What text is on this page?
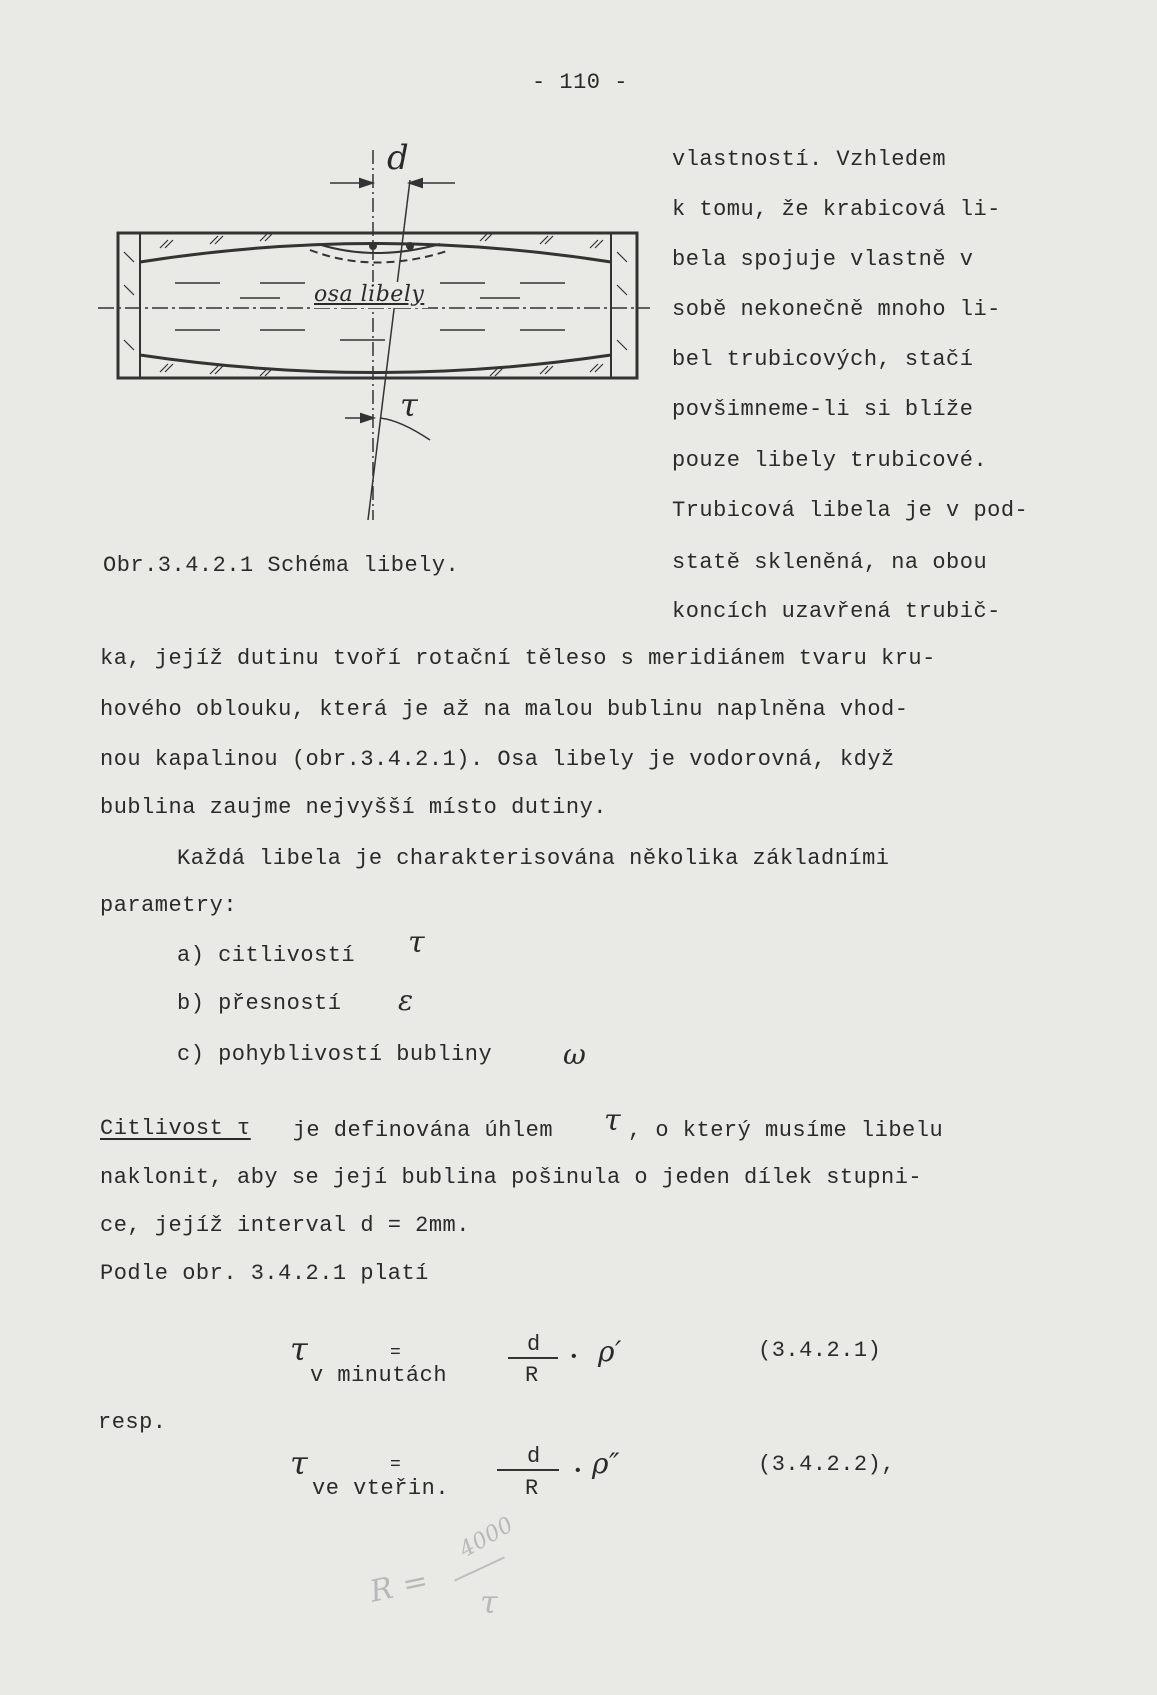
- 110 -
d
osa libely
τ
Obr.3.4.2.1 Schéma libely.
vlastností. Vzhledem
k tomu, že krabicová li-
bela spojuje vlastně v
sobě nekonečně mnoho li-
bel trubicových, stačí
povšimneme-li si blíže
pouze libely trubicové.
Trubicová libela je v pod-
statě skleněná, na obou
koncích uzavřená trubič-
ka, jejíž dutinu tvoří rotační těleso s meridiánem tvaru kru-
hového oblouku, která je až na malou bublinu naplněna vhod-
nou kapalinou (obr.3.4.2.1). Osa libely je vodorovná, když
bublina zaujme nejvyšší místo dutiny.
Každá libela je charakterisována několika základními
parametry:
a) citlivostí τ
b) přesností ε
c) pohyblivostí bubliny	ω
Citlivost τ je definována úhlem τ , o který musíme libelu
naklonit, aby se její bublina pošinula o jeden dílek stupni-
ce, jejíž interval d = 2mm.
Podle obr. 3.4.2.1 platí
τ	=
v minutách
d
R
• ρ′	(3.4.2.1)
resp.
τ	=
ve vteřin.
d
R
• ρ″	(3.4.2.2),
R =
4000
τ
